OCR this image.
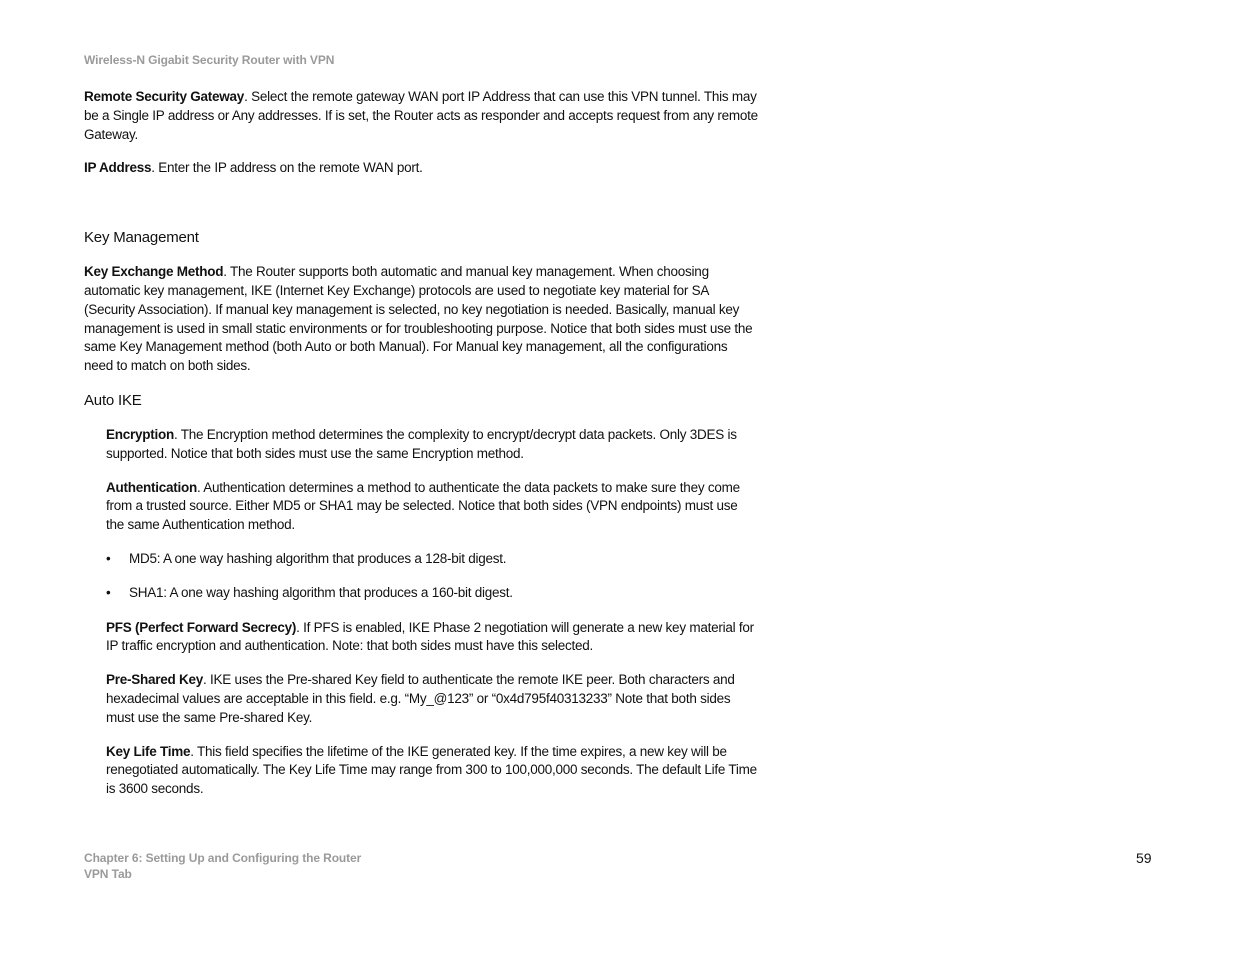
Wireless-N Gigabit Security Router with VPN

Remote Security Gateway. Select the remote gateway WAN port IP Address that can use this VPN tunnel. This may be a Single IP address or Any addresses. If is set, the Router acts as responder and accepts request from any remote Gateway.

IP Address. Enter the IP address on the remote WAN port.

Key Management

Key Exchange Method. The Router supports both automatic and manual key management. When choosing automatic key management, IKE (Internet Key Exchange) protocols are used to negotiate key material for SA (Security Association). If manual key management is selected, no key negotiation is needed. Basically, manual key management is used in small static environments or for troubleshooting purpose. Notice that both sides must use the same Key Management method (both Auto or both Manual). For Manual key management, all the configurations need to match on both sides.

Auto IKE

Encryption. The Encryption method determines the complexity to encrypt/decrypt data packets. Only 3DES is supported. Notice that both sides must use the same Encryption method.

Authentication. Authentication determines a method to authenticate the data packets to make sure they come from a trusted source. Either MD5 or SHA1 may be selected. Notice that both sides (VPN endpoints) must use the same Authentication method.

• MD5: A one way hashing algorithm that produces a 128-bit digest.

• SHA1: A one way hashing algorithm that produces a 160-bit digest.

PFS (Perfect Forward Secrecy). If PFS is enabled, IKE Phase 2 negotiation will generate a new key material for IP traffic encryption and authentication. Note: that both sides must have this selected.

Pre-Shared Key. IKE uses the Pre-shared Key field to authenticate the remote IKE peer. Both characters and hexadecimal values are acceptable in this field. e.g. “My_@123” or “0x4d795f40313233” Note that both sides must use the same Pre-shared Key.

Key Life Time. This field specifies the lifetime of the IKE generated key. If the time expires, a new key will be renegotiated automatically. The Key Life Time may range from 300 to 100,000,000 seconds. The default Life Time is 3600 seconds.

Chapter 6: Setting Up and Configuring the Router
VPN Tab
59
